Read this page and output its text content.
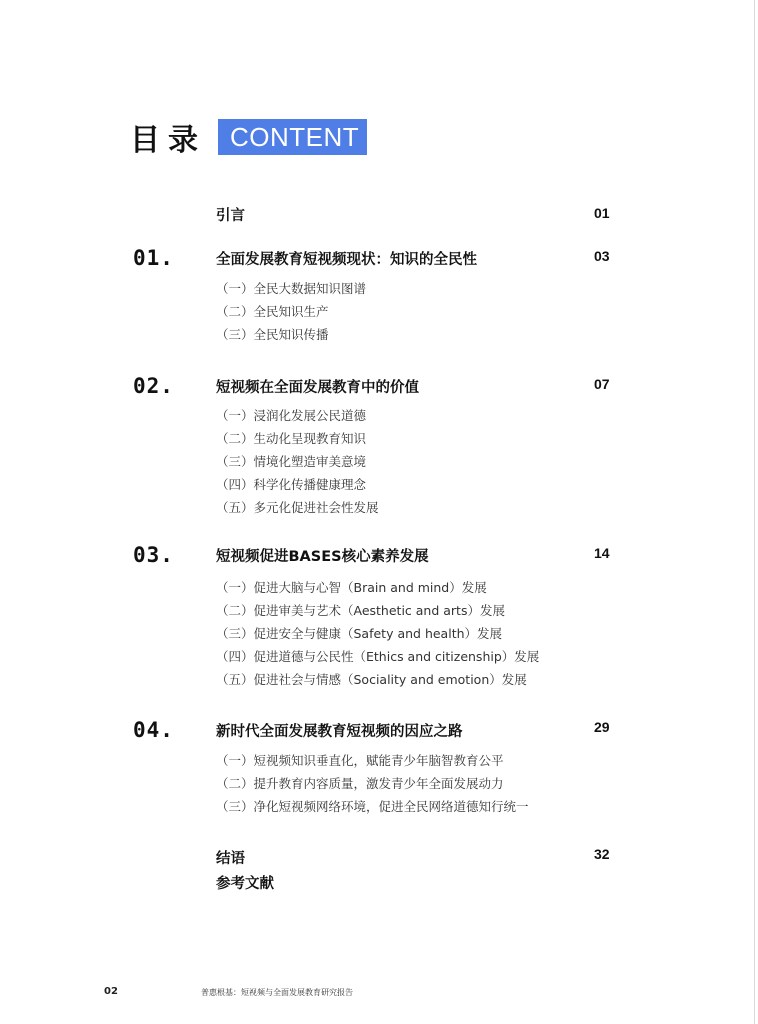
目录 CONTENT
引言	01
01.	全面发展教育短视频现状：知识的全民性	03
（一）全民大数据知识图谱
（二）全民知识生产
（三）全民知识传播
02.	短视频在全面发展教育中的价值	07
（一）浸润化发展公民道德
（二）生动化呈现教育知识
（三）情境化塑造审美意境
（四）科学化传播健康理念
（五）多元化促进社会性发展
03.	短视频促进BASES核心素养发展	14
（一）促进大脑与心智（Brain and mind）发展
（二）促进审美与艺术（Aesthetic and arts）发展
（三）促进安全与健康（Safety and health）发展
（四）促进道德与公民性（Ethics and citizenship）发展
（五）促进社会与情感（Sociality and emotion）发展
04.	新时代全面发展教育短视频的因应之路	29
（一）短视频知识垂直化，赋能青少年脑智教育公平
（二）提升教育内容质量，激发青少年全面发展动力
（三）净化短视频网络环境，促进全民网络道德知行统一
结语	32
参考文献
02	普惠根基：短视频与全面发展教育研究报告
